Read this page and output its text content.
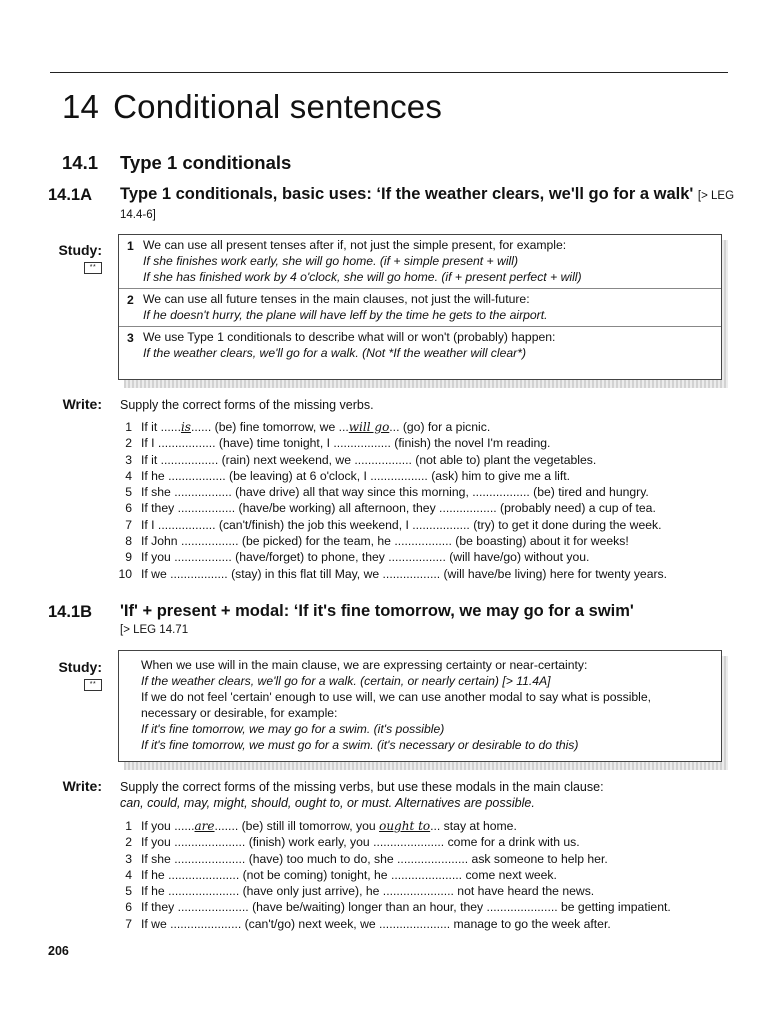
14 Conditional sentences
14.1 Type 1 conditionals
14.1A Type 1 conditionals, basic uses: ‘If the weather clears, we'll go for a walk' [> LEG 14.4-6]
Study:
**
1 We can use all present tenses after if, not just the simple present, for example:
If she finishes work early, she will go home. (if + simple present + will)
If she has finished work by 4 o'clock, she will go home. (if + present perfect + will)
2 We can use all future tenses in the main clauses, not just the will-future:
If he doesn't hurry, the plane will have leff by the time he gets to the airport.
3 We use Type 1 conditionals to describe what will or won't (probably) happen:
If the weather clears, we'll go for a walk. (Not *If the weather will clear*)
Write: Supply the correct forms of the missing verbs.
1 If it ......is...... (be) fine tomorrow, we ...will go... (go) for a picnic.
2 If I ................. (have) time tonight, I ................. (finish) the novel I'm reading.
3 If it ................. (rain) next weekend, we ................. (not able to) plant the vegetables.
4 If he ................. (be leaving) at 6 o'clock, I ................. (ask) him to give me a lift.
5 If she ................. (have drive) all that way since this morning, ................. (be) tired and hungry.
6 If they ................. (have/be working) all afternoon, they ................. (probably need) a cup of tea.
7 If I ................. (can't/finish) the job this weekend, I ................. (try) to get it done during the week.
8 If John ................. (be picked) for the team, he ................. (be boasting) about it for weeks!
9 If you ................. (have/forget) to phone, they ................. (will have/go) without you.
10 If we ................. (stay) in this flat till May, we ................. (will have/be living) here for twenty years.
14.1B 'If' + present + modal: ‘If it's fine tomorrow, we may go for a swim'
[> LEG 14.71
Study:
**
When we use will in the main clause, we are expressing certainty or near-certainty:
If the weather clears, we'll go for a walk. (certain, or nearly certain) [> 11.4A]
If we do not feel 'certain' enough to use will, we can use another modal to say what is possible,
necessary or desirable, for example:
If it's fine tomorrow, we may go for a swim. (it's possible)
If it's fine tomorrow, we must go for a swim. (it's necessary or desirable to do this)
Write: Supply the correct forms of the missing verbs, but use these modals in the main clause:
can, could, may, might, should, ought to, or must. Alternatives are possible.
1 If you ......are....... (be) still ill tomorrow, you ought to... stay at home.
2 If you ..................... (finish) work early, you ..................... come for a drink with us.
3 If she ..................... (have) too much to do, she ..................... ask someone to help her.
4 If he ..................... (not be coming) tonight, he ..................... come next week.
5 If he ..................... (have only just arrive), he ..................... not have heard the news.
6 If they ..................... (have be/waiting) longer than an hour, they ..................... be getting impatient.
7 If we ..................... (can't/go) next week, we ..................... manage to go the week after.
206
